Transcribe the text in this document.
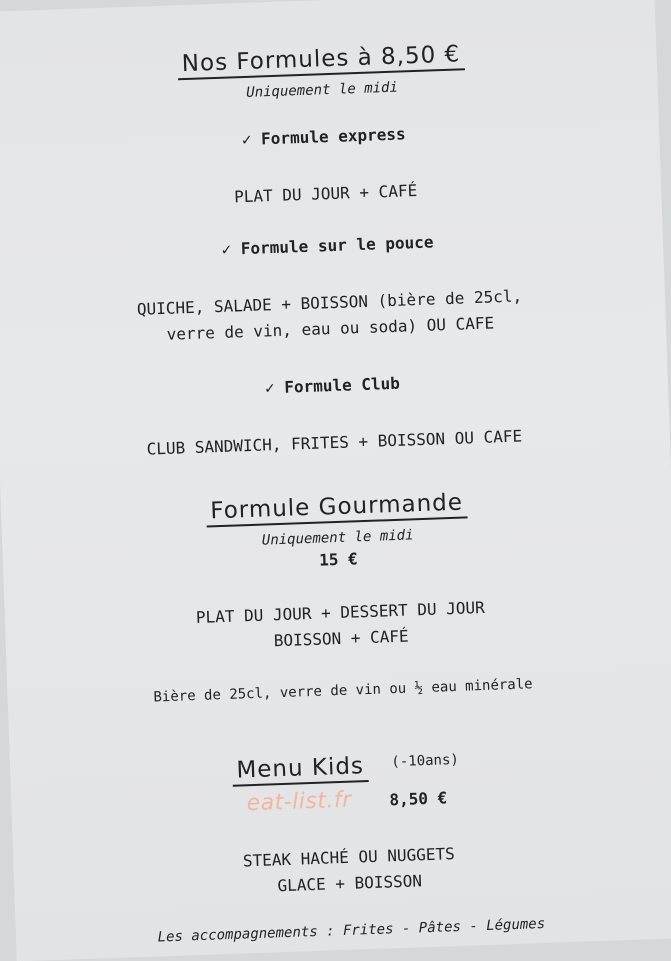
Nos Formules à 8,50 €
Uniquement le midi
✓ Formule express
PLAT DU JOUR + CAFÉ
✓ Formule sur le pouce
QUICHE, SALADE + BOISSON (bière de 25cl,
verre de vin, eau ou soda) OU CAFE
✓ Formule Club
CLUB SANDWICH, FRITES + BOISSON OU CAFE
Formule Gourmande
Uniquement le midi
15 €
PLAT DU JOUR + DESSERT DU JOUR
BOISSON + CAFÉ
Bière de 25cl, verre de vin ou ½ eau minérale
Menu Kids (-10ans)
eat-list.fr 8,50 €
STEAK HACHÉ OU NUGGETS
GLACE + BOISSON
Les accompagnements : Frites - Pâtes - Légumes
